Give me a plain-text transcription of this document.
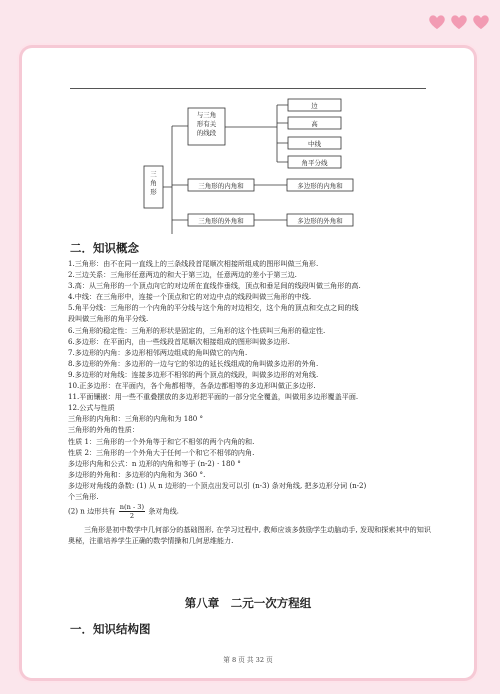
三角形
与三角形有关的线段
边
高
中线
角平分线
三角形的内角和	多边形的内角和
三角形的外角和	多边形的外角和

二．知识概念

1.三角形：由不在同一直线上的三条线段首尾顺次相接所组成的图形叫做三角形.

2.三边关系：三角形任意两边的和大于第三边，任意两边的差小于第三边.

3.高：从三角形的一个顶点向它的对边所在直线作垂线，顶点和垂足间的线段叫做三角形的高.

4.中线：在三角形中，连接一个顶点和它的对边中点的线段叫做三角形的中线.

5.角平分线：三角形的一个内角的平分线与这个角的对边相交，这个角的顶点和交点之间的线

段叫做三角形的角平分线.

6.三角形的稳定性：三角形的形状是固定的，三角形的这个性质叫三角形的稳定性.

6.多边形：在平面内，由一些线段首尾顺次相接组成的图形叫做多边形.

7.多边形的内角：多边形相邻两边组成的角叫做它的内角.

8.多边形的外角：多边形的一边与它的邻边的延长线组成的角叫做多边形的外角.

9.多边形的对角线：连接多边形不相邻的两个顶点的线段，叫做多边形的对角线.

10.正多边形：在平面内，各个角都相等，各条边都相等的多边形叫做正多边形.

11.平面镶嵌：用一些不重叠摆放的多边形把平面的一部分完全覆盖，叫做用多边形覆盖平面.

12.公式与性质

三角形的内角和：三角形的内角和为 180 °

三角形的外角的性质：

性质 1：三角形的一个外角等于和它不相邻的两个内角的和.

性质 2：三角形的一个外角大于任何一个和它不相邻的内角.

多边形内角和公式：n 边形的内角和等于 (n-2) · 180 °

多边形的外角和：多边形的内角和为 360 °.

多边形对角线的条数: (1) 从 n 边形的一个顶点出发可以引 (n-3) 条对角线, 把多边形分词 (n-2)

个三角形.

(2) n 边形共有 $\frac{n(n - 3)}{2}$ 条对角线.

三角形是初中数学中几何部分的基础图形, 在学习过程中, 教师应该多鼓励学生动脑动手, 发现和探索其中的知识奥秘，注重培养学生正确的数学情操和几何思维能力.

第八章　二元一次方程组
一．知识结构图
第 8 页 共 32 页
